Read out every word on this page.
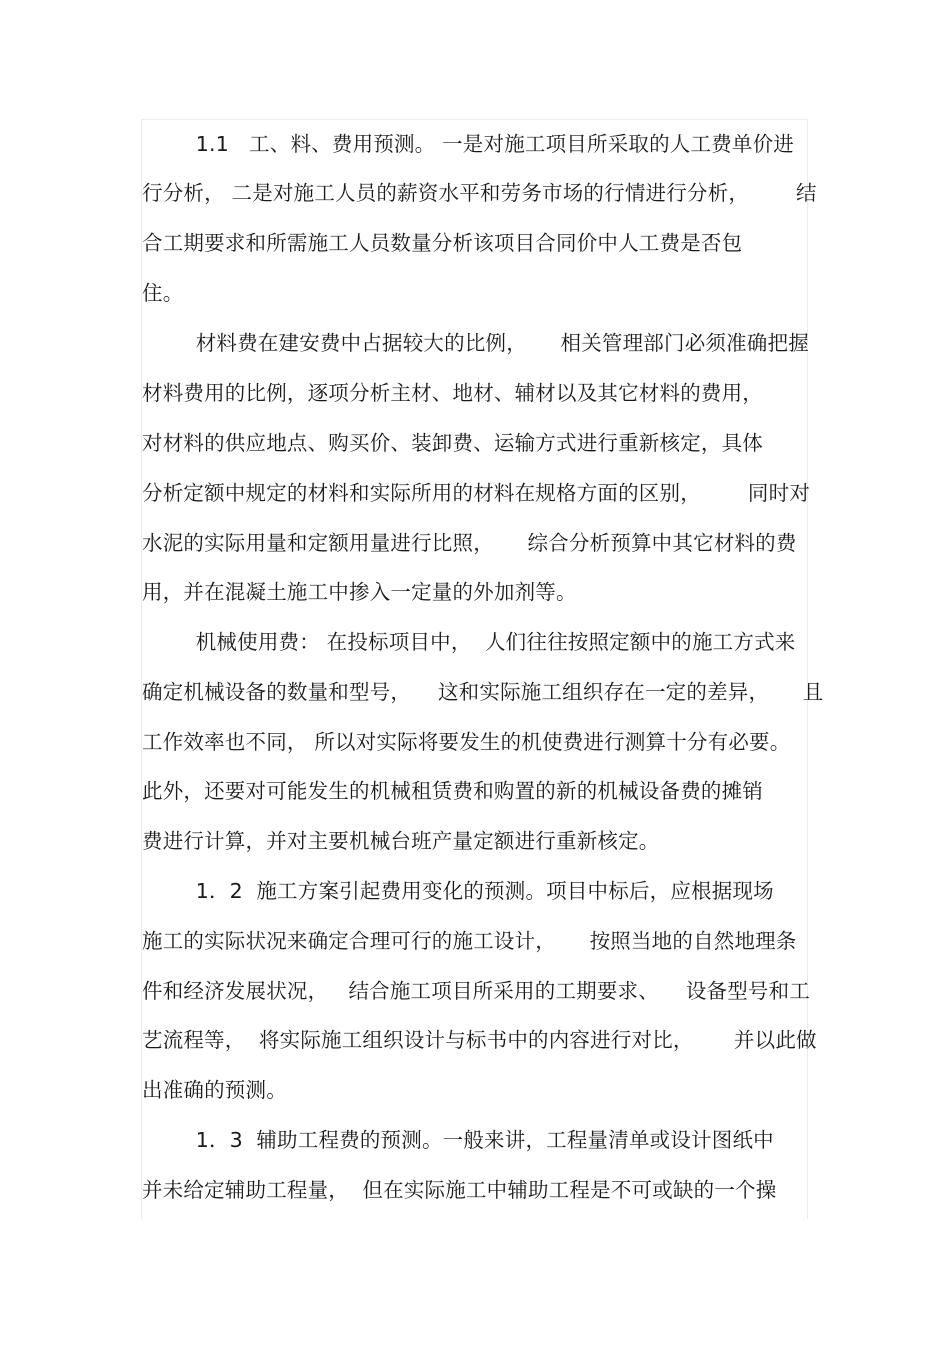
1.1   工、料、费用预测。 一是对施工项目所采取的人工费单价进
行分析， 二是对施工人员的薪资水平和劳务市场的行情进行分析，       结
合工期要求和所需施工人员数量分析该项目合同价中人工费是否包
住。
材料费在建安费中占据较大的比例，     相关管理部门必须准确把握
材料费用的比例，逐项分析主材、地材、辅材以及其它材料的费用，
对材料的供应地点、购买价、装卸费、运输方式进行重新核定，具体
分析定额中规定的材料和实际所用的材料在规格方面的区别，       同时对
水泥的实际用量和定额用量进行比照，     综合分析预算中其它材料的费
用，并在混凝土施工中掺入一定量的外加剂等。
机械使用费： 在投标项目中，  人们往往按照定额中的施工方式来
确定机械设备的数量和型号，    这和实际施工组织存在一定的差异，     且
工作效率也不同， 所以对实际将要发生的机使费进行测算十分有必要。
此外，还要对可能发生的机械租赁费和购置的新的机械设备费的摊销
费进行计算，并对主要机械台班产量定额进行重新核定。
1．2  施工方案引起费用变化的预测。项目中标后，应根据现场
施工的实际状况来确定合理可行的施工设计，     按照当地的自然地理条
件和经济发展状况，   结合施工项目所采用的工期要求、    设备型号和工
艺流程等，  将实际施工组织设计与标书中的内容进行对比，      并以此做
出准确的预测。
1．3  辅助工程费的预测。一般来讲，工程量清单或设计图纸中
并未给定辅助工程量，  但在实际施工中辅助工程是不可或缺的一个操
